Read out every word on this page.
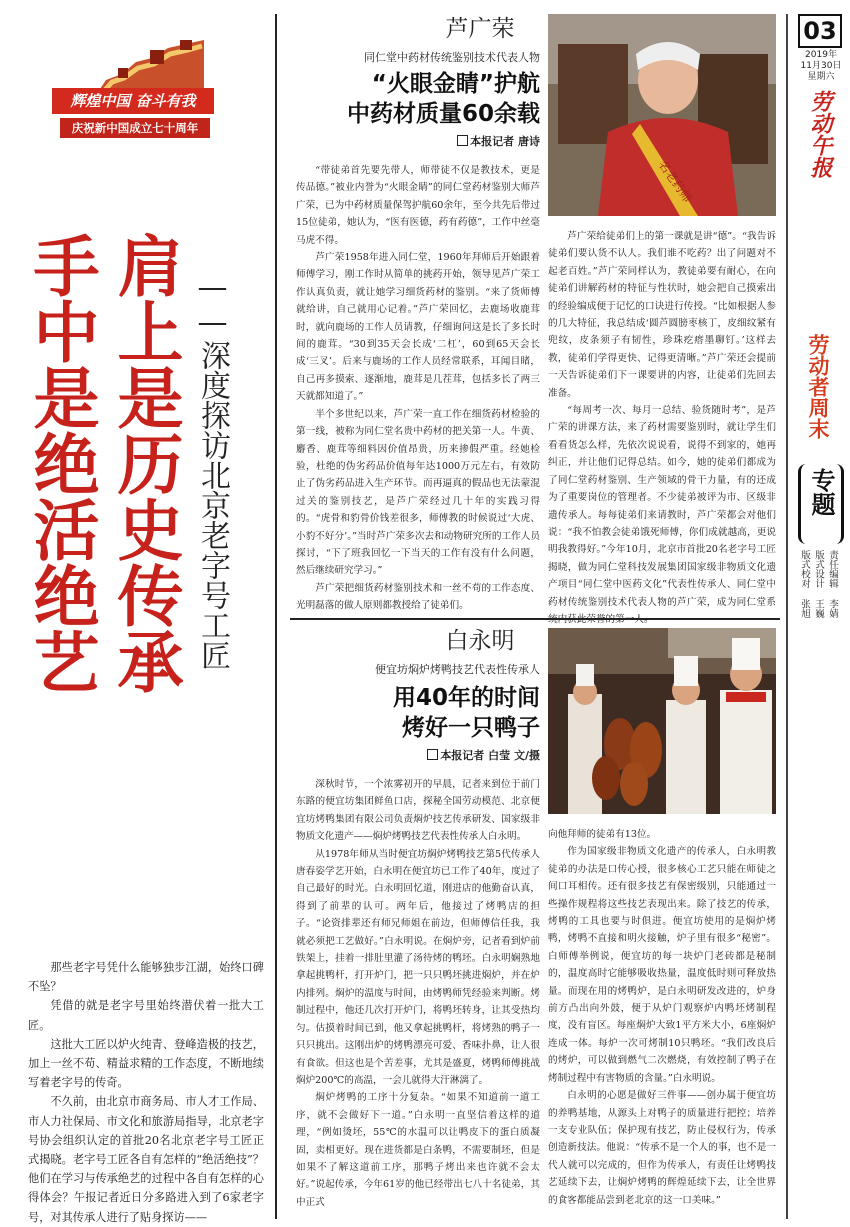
辉煌中国 奋斗有我
庆祝新中国成立七十周年
肩上是历史传承
手中是绝活绝艺	——深度探访北京老字号工匠

那些老字号凭什么能够独步江湖，始终口碑不坠？

凭借的就是老字号里始终潜伏着一批大工匠。

这批大工匠以炉火纯青、登峰造极的技艺，加上一丝不苟、精益求精的工作态度，不断地续写着老字号的传奇。

不久前，由北京市商务局、市人才工作局、市人力社保局、市文化和旅游局指导，北京老字号协会组织认定的首批20名北京老字号工匠正式揭晓。老字号工匠各自有怎样的“绝活绝技”？他们在学习与传承绝艺的过程中各自有怎样的心得体会？午报记者近日分多路进入到了6家老字号，对其传承人进行了贴身探访——

芦广荣
同仁堂中药材传统鉴别技术代表人物
“火眼金睛”护航
中药材质量60余载
本报记者 唐诗
名老药师

“带徒弟首先要先带人，师带徒不仅是教技术，更是传品德。”被业内誉为“火眼金睛”的同仁堂药材鉴别大师芦广荣，已为中药材质量保驾护航60余年，至今共先后带过15位徒弟，她认为，“医有医德，药有药德”，工作中丝毫马虎不得。

芦广荣1958年进入同仁堂，1960年拜师后开始跟着师傅学习，刚工作时从简单的挑药开始，领导见芦广荣工作认真负责，就让她学习细货药材的鉴别。“来了货师傅就给讲，自己就用心记着。”芦广荣回忆，去鹿场收鹿茸时，就向鹿场的工作人员请教，仔细询问这是长了多长时间的鹿茸。“30到35天会长成‘二杠’，60到65天会长成‘三叉’。后来与鹿场的工作人员经常联系，耳闻目睹，自己再多摸索、逐渐地，鹿茸是几茬茸，包括多长了两三天就都知道了。”

半个多世纪以来，芦广荣一直工作在细货药材检验的第一线，被称为同仁堂名贵中药材的把关第一人。牛黄、麝香、鹿茸等细料因价值昂贵，历来掺假严重。经她检验，杜绝的伪劣药品价值每年达1000万元左右，有效防止了伪劣药品进入生产环节。而再逼真的假品也无法蒙混过关的鉴别技艺，是芦广荣经过几十年的实践习得的。“虎骨和豹骨价钱差很多，师傅教的时候说过‘大虎、小豹不好分’。”当时芦广荣多次去和动物研究所的工作人员探讨，“下了班我回忆一下当天的工作有没有什么问题，然后继续研究学习。”

芦广荣把细货药材鉴别技术和一丝不苟的工作态度、光明磊落的做人原则都教授给了徒弟们。

芦广荣给徒弟们上的第一课就是讲“德”。“我告诉徒弟们要认货不认人。我们谁不吃药？出了问题对不起老百姓。”芦广荣同样认为，教徒弟要有耐心，在向徒弟们讲解药材的特征与性状时，她会把自己摸索出的经验编成便于记忆的口诀进行传授。“比如根据人参的几大特征，我总结成‘圆芦圆膀枣核丁，皮细纹紧有兜纹，皮条须子有韧性，珍珠疙瘩墨聊钉。’这样去教，徒弟们学得更快、记得更清晰。”芦广荣还会提前一天告诉徒弟们下一课要讲的内容，让徒弟们先回去准备。

“每周考一次、每月一总结、验货随时考”，是芦广荣的讲课方法，来了药材需要鉴别时，就让学生们看看货怎么样，先依次说说看，说得不到家的，她再纠正，并让他们记得总结。如今，她的徒弟们都成为了同仁堂药材鉴别、生产领域的骨干力量，有的还成为了重要岗位的管理者。不少徒弟被评为市、区级非遗传承人。每每徒弟们来请教时，芦广荣都会对他们说：“我不怕教会徒弟饿死师傅，你们成就越高，更说明我教得好。”今年10月，北京市首批20名老字号工匠揭晓，做为同仁堂科技发展集团国家级非物质文化遗产项目“同仁堂中医药文化”代表性传承人、同仁堂中药材传统鉴别技术代表人物的芦广荣，成为同仁堂系

白永明
便宜坊焖炉烤鸭技艺代表性传承人
用40年的时间
烤好一只鸭子
本报记者 白莹 文/摄

深秋时节，一个浓雾初开的早晨，记者来到位于前门东路的便宜坊集团鲜鱼口店，探秘全国劳动模范、北京便宜坊烤鸭集团有限公司负责焖炉技艺传承研发、国家级非物质文化遗产——焖炉烤鸭技艺代表性传承人白永明。

从1978年师从当时便宜坊焖炉烤鸭技艺第5代传承人唐春姿学艺开始，白永明在便宜坊已工作了40年，度过了自己最好的时光。白永明回忆道，刚进店的他勤奋认真，得到了前辈的认可。两年后，他接过了烤鸭店的担子。“论资排辈还有师兄师姐在前边，但师傅信任我，我就必须把工艺做好。”白永明说。在焖炉旁，记者看到炉前铁架上，挂着一排肚里灌了汤待烤的鸭坯。白永明娴熟地拿起挑鸭杆，打开炉门，把一只只鸭坯挑进焖炉，并在炉内排列。焖炉的温度与时间，由烤鸭师凭经验来判断。烤制过程中，他还几次打开炉门，将鸭坯转身，让其受热均匀。估摸着时间已到，他又拿起挑鸭杆，将烤熟的鸭子一只只挑出。这刚出炉的烤鸭漂亮可爱、香味扑鼻，让人很有食欲。但这也是个苦差事，尤其是盛夏，烤鸭师傅挑战焖炉200℃的高温，一会儿就得大汗淋漓了。

焖炉烤鸭的工序十分复杂。“如果不知道前一道工序，就不会做好下一道。”白永明一直坚信着这样的道理，“例如烫坯，55℃的水温可以让鸭皮下的蛋白质凝固，卖相更好。现在进货都是白条鸭，不需要制坯，但是如果不了解这道前工序，那鸭子烤出来也许就不会太好。”说起传承，今年61岁的他已经带出七八十名徒弟，其中正式

向他拜师的徒弟有13位。

作为国家级非物质文化遗产的传承人，白永明教徒弟的办法是口传心授，很多核心工艺只能在师徒之间口耳相传。还有很多技艺有保密级别，只能通过一些操作规程将这些技艺表现出来。除了技艺的传承，烤鸭的工具也要与时俱进。便宜坊使用的是焖炉烤鸭，烤鸭不直接和明火接触，炉子里有很多“秘密”。白师傅举例说，便宜坊的每一块炉门老砖都是秘制的，温度高时它能够吸收热量，温度低时则可释放热量。而现在用的烤鸭炉，是白永明研发改进的，炉身前方凸出向外鼓，便于从炉门观察炉内鸭坯烤制程度，没有盲区。每座焖炉大致1平方米大小，6座焖炉连成一体。每炉一次可烤制10只鸭坯。“我们改良后的烤炉，可以做到燃气二次燃烧，有效控制了鸭子在烤制过程中有害物质的含量。”白永明说。

白永明的心愿是做好三件事——创办属于便宜坊的养鸭基地，从源头上对鸭子的质量进行把控；培养一支专业队伍；保护现有技艺，防止侵权行为，传承创造新技法。他说：“传承不是一个人的事，也不是一代人就可以完成的，但作为传承人，有责任让烤鸭技艺延续下去，让焖炉烤鸭的辉煌延续下去，让全世界的食客都能品尝到老北京的这一口美味。”

03
2019年
11月30日
星期六
劳动午报
劳动者周末
专题
责任编辑 李婧
版式设计 王巍
版式校对 张旭
